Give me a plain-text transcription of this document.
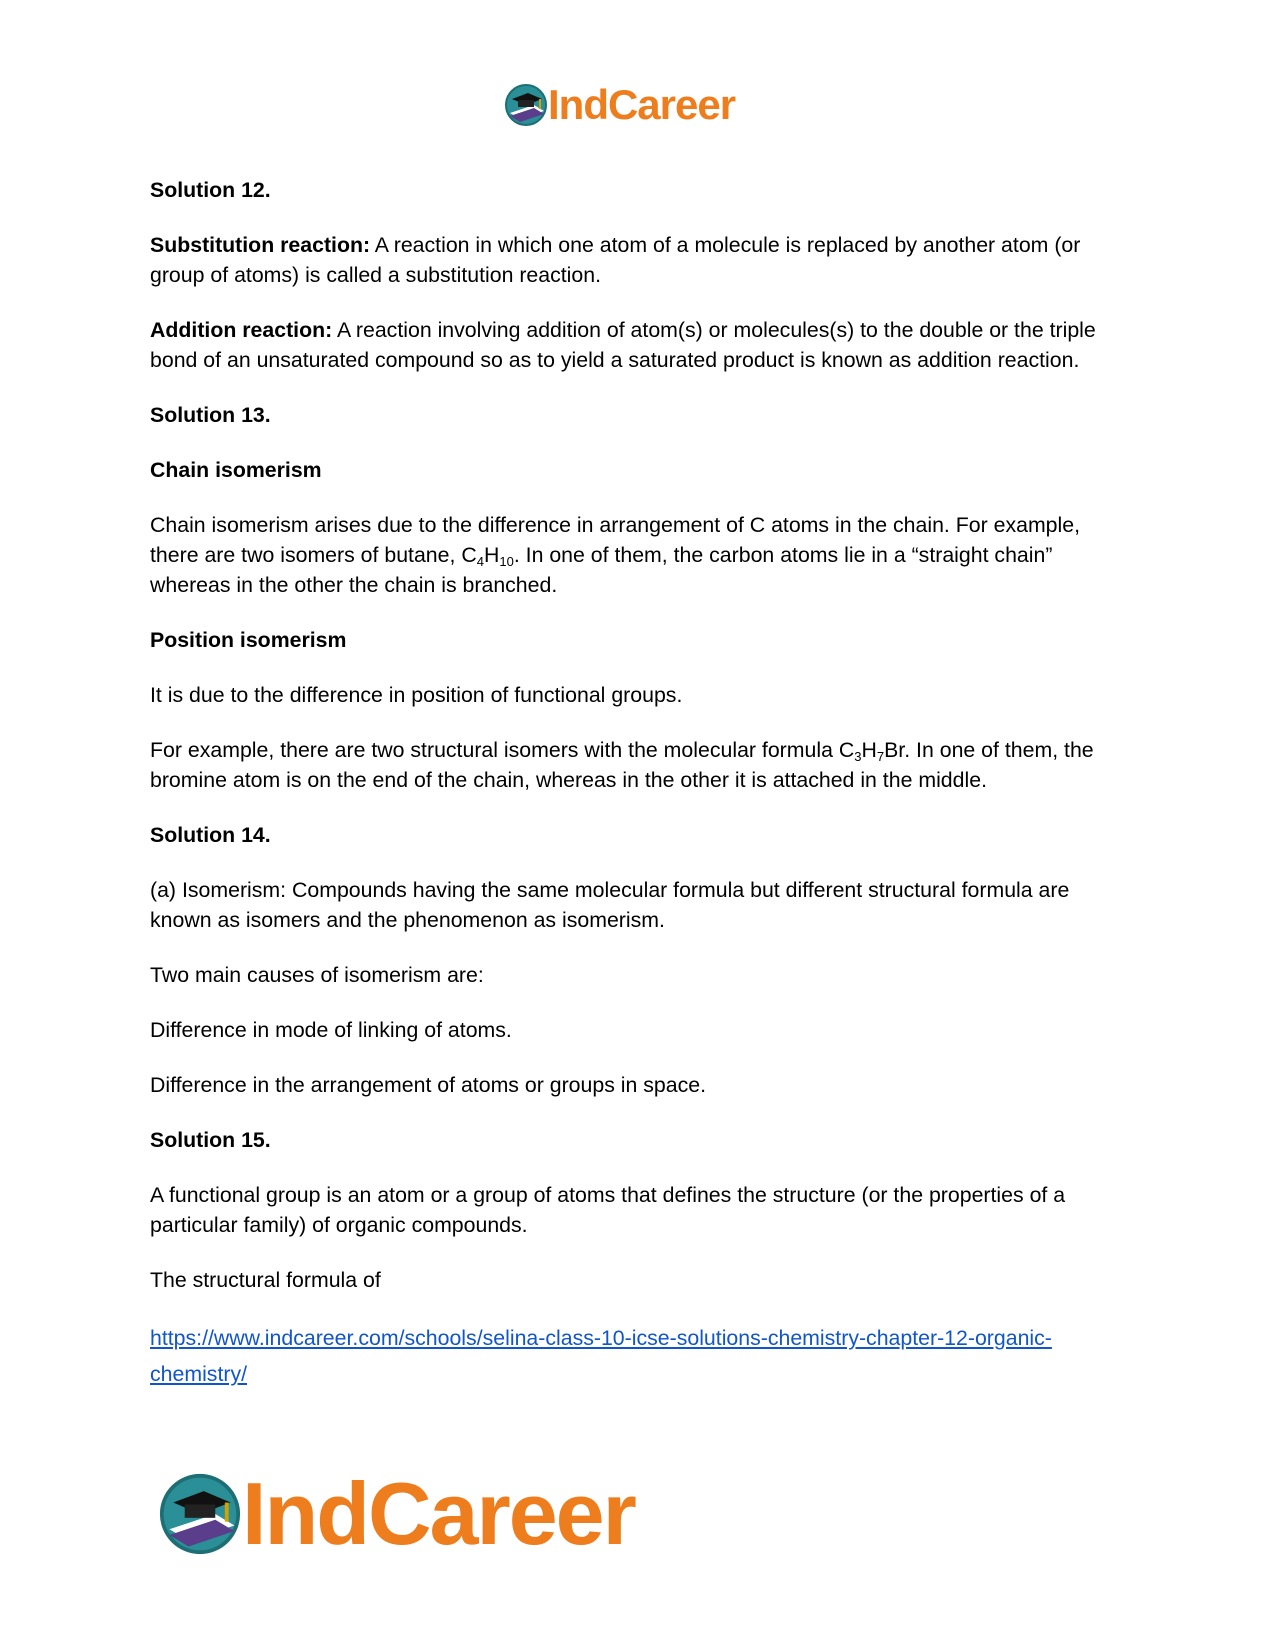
IndCareer

Solution 12.

Substitution reaction: A reaction in which one atom of a molecule is replaced by another atom (or group of atoms) is called a substitution reaction.

Addition reaction: A reaction involving addition of atom(s) or molecules(s) to the double or the triple bond of an unsaturated compound so as to yield a saturated product is known as addition reaction.

Solution 13.

Chain isomerism

Chain isomerism arises due to the difference in arrangement of C atoms in the chain. For example, there are two isomers of butane, $C_4H_{10}$. In one of them, the carbon atoms lie in a “straight chain” whereas in the other the chain is branched.

Position isomerism

It is due to the difference in position of functional groups.

For example, there are two structural isomers with the molecular formula $C_3H_7Br$. In one of them, the bromine atom is on the end of the chain, whereas in the other it is attached in the middle.

Solution 14.

(a) Isomerism: Compounds having the same molecular formula but different structural formula are known as isomers and the phenomenon as isomerism.

Two main causes of isomerism are:

Difference in mode of linking of atoms.

Difference in the arrangement of atoms or groups in space.

Solution 15.

A functional group is an atom or a group of atoms that defines the structure (or the properties of a particular family) of organic compounds.

The structural formula of

https://www.indcareer.com/schools/selina-class-10-icse-solutions-chemistry-chapter-12-organic-chemistry/

IndCareer
